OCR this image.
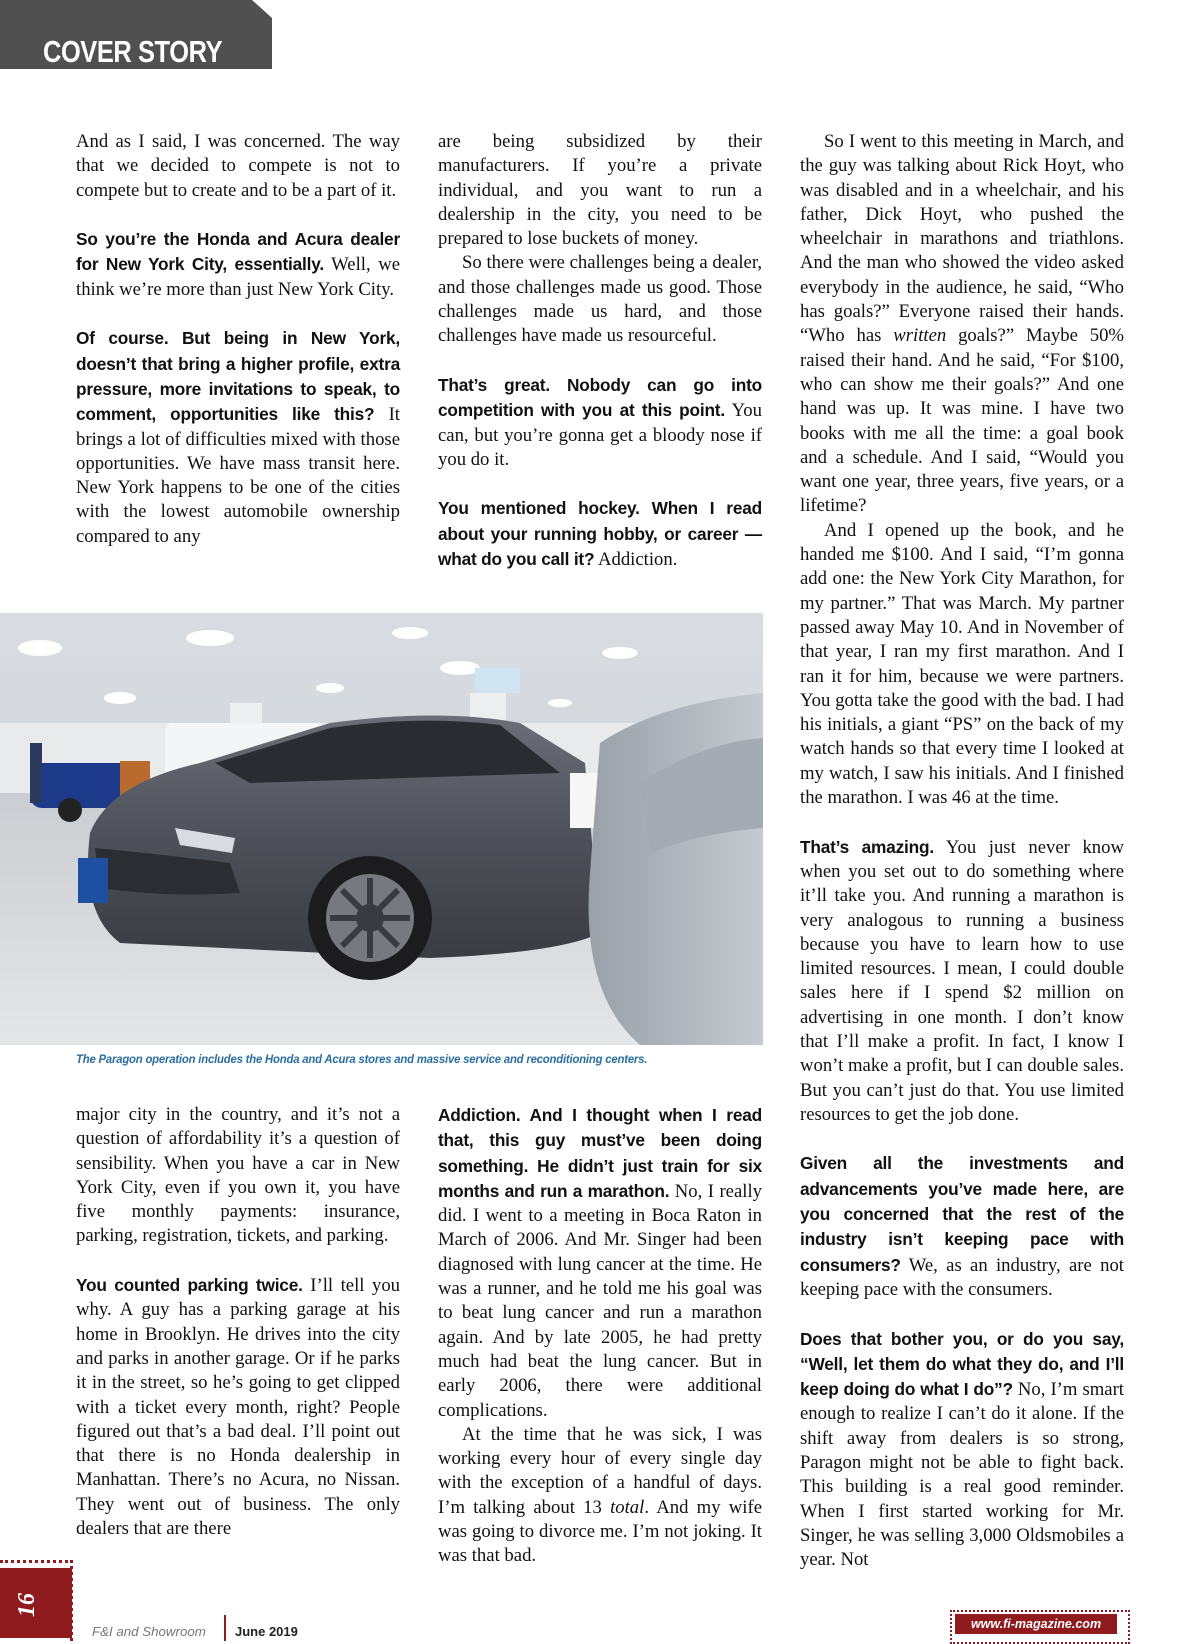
COVER STORY

And as I said, I was concerned. The way that we decided to compete is not to compete but to create and to be a part of it.

So you’re the Honda and Acura dealer for New York City, essentially. Well, we think we’re more than just New York City.

Of course. But being in New York, doesn’t that bring a higher profile, extra pressure, more invitations to speak, to comment, opportunities like this? It brings a lot of difficulties mixed with those opportunities. We have mass transit here. New York happens to be one of the cities with the lowest automobile ownership compared to any

are being subsidized by their manufacturers. If you’re a private individual, and you want to run a dealership in the city, you need to be prepared to lose buckets of money.

So there were challenges being a dealer, and those challenges made us good. Those challenges made us hard, and those challenges have made us resourceful.

That’s great. Nobody can go into competition with you at this point. You can, but you’re gonna get a bloody nose if you do it.

You mentioned hockey. When I read about your running hobby, or career — what do you call it? Addiction.

So I went to this meeting in March, and the guy was talking about Rick Hoyt, who was disabled and in a wheelchair, and his father, Dick Hoyt, who pushed the wheelchair in marathons and triathlons. And the man who showed the video asked everybody in the audience, he said, “Who has goals?” Everyone raised their hands. “Who has written goals?” Maybe 50% raised their hand. And he said, “For $100, who can show me their goals?” And one hand was up. It was mine. I have two books with me all the time: a goal book and a schedule. And I said, “Would you want one year, three years, five years, or a lifetime?

And I opened up the book, and he handed me $100. And I said, “I’m gonna add one: the New York City Marathon, for my partner.” That was March. My partner passed away May 10. And in November of that year, I ran my first marathon. And I ran it for him, because we were partners. You gotta take the good with the bad. I had his initials, a giant “PS” on the back of my watch hands so that every time I looked at my watch, I saw his initials. And I finished the marathon. I was 46 at the time.

That’s amazing. You just never know when you set out to do something where it’ll take you. And running a marathon is very analogous to running a business because you have to learn how to use limited resources. I mean, I could double sales here if I spend $2 million on advertising in one month. I don’t know that I’ll make a profit. In fact, I know I won’t make a profit, but I can double sales. But you can’t just do that. You use limited resources to get the job done.

Given all the investments and advancements you’ve made here, are you concerned that the rest of the industry isn’t keeping pace with consumers? We, as an industry, are not keeping pace with the consumers.

Does that bother you, or do you say, “Well, let them do what they do, and I’ll keep doing do what I do”? No, I’m smart enough to realize I can’t do it alone. If the shift away from dealers is so strong, Paragon might not be able to fight back. This building is a real good reminder. When I first started working for Mr. Singer, he was selling 3,000 Oldsmobiles a year. Not

The Paragon operation includes the Honda and Acura stores and massive service and reconditioning centers.

major city in the country, and it’s not a question of affordability it’s a question of sensibility. When you have a car in New York City, even if you own it, you have five monthly payments: insurance, parking, registration, tickets, and parking.

You counted parking twice. I’ll tell you why. A guy has a parking garage at his home in Brooklyn. He drives into the city and parks in another garage. Or if he parks it in the street, so he’s going to get clipped with a ticket every month, right? People figured out that’s a bad deal. I’ll point out that there is no Honda dealership in Manhattan. There’s no Acura, no Nissan. They went out of business. The only dealers that are there

Addiction. And I thought when I read that, this guy must’ve been doing something. He didn’t just train for six months and run a marathon. No, I really did. I went to a meeting in Boca Raton in March of 2006. And Mr. Singer had been diagnosed with lung cancer at the time. He was a runner, and he told me his goal was to beat lung cancer and run a marathon again. And by late 2005, he had pretty much had beat the lung cancer. But in early 2006, there were additional complications.

At the time that he was sick, I was working every hour of every single day with the exception of a handful of days. I’m talking about 13 total. And my wife was going to divorce me. I’m not joking. It was that bad.

16
F&I and Showroom June 2019	www.fi-magazine.com
